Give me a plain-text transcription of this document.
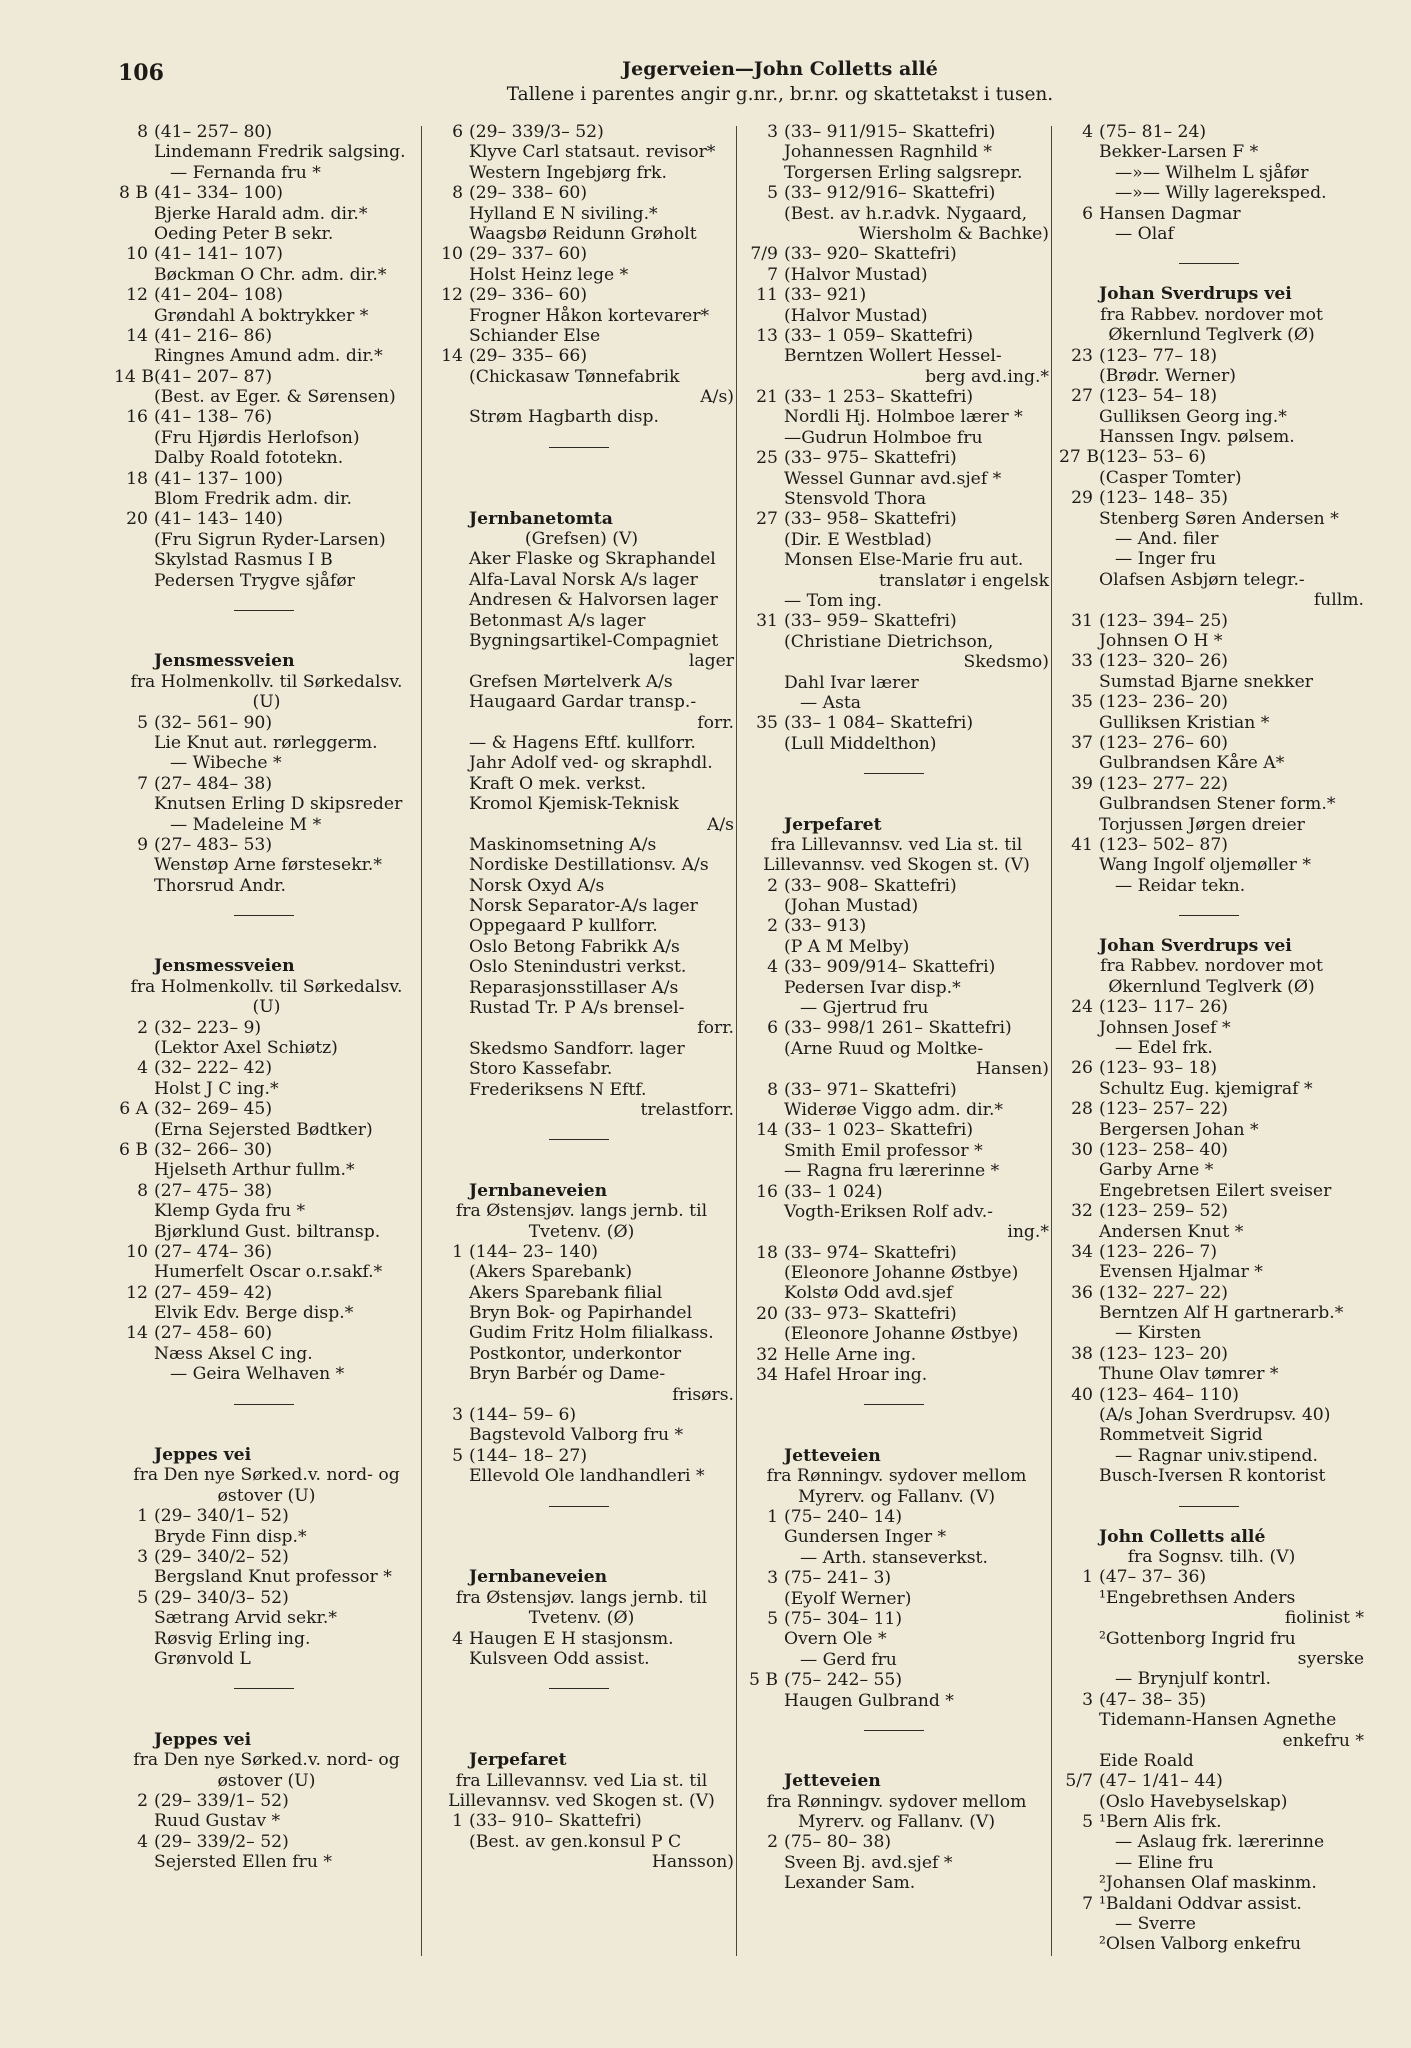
106	Jegerveien—John Colletts allé
Tallene i parentes angir g.nr., br.nr. og skattetakst i tusen.
8 (41– 257– 80)
Lindemann Fredrik salgsing.
— Fernanda fru *
8 B (41– 334– 100)
Bjerke Harald adm. dir.*
Oeding Peter B sekr.
10 (41– 141– 107)
Bøckman O Chr. adm. dir.*
12 (41– 204– 108)
Grøndahl A boktrykker *
14 (41– 216– 86)
Ringnes Amund adm. dir.*
14 B (41– 207– 87)
(Best. av Eger. & Sørensen)
16 (41– 138– 76)
(Fru Hjørdis Herlofson)
Dalby Roald fototekn.
18 (41– 137– 100)
Blom Fredrik adm. dir.
20 (41– 143– 140)
(Fru Sigrun Ryder-Larsen)
Skylstad Rasmus I B
Pedersen Trygve sjåfør
Jensmessveien
fra Holmenkollv. til Sørkedalsv.
(U)
5 (32– 561– 90)
Lie Knut aut. rørleggerm.
— Wibeche *
7 (27– 484– 38)
Knutsen Erling D skipsreder
— Madeleine M *
9 (27– 483– 53)
Wenstøp Arne førstesekr.*
Thorsrud Andr.
Jensmessveien
fra Holmenkollv. til Sørkedalsv.
(U)
2 (32– 223– 9)
(Lektor Axel Schiøtz)
4 (32– 222– 42)
Holst J C ing.*
6 A (32– 269– 45)
(Erna Sejersted Bødtker)
6 B (32– 266– 30)
Hjelseth Arthur fullm.*
8 (27– 475– 38)
Klemp Gyda fru *
Bjørklund Gust. biltransp.
10 (27– 474– 36)
Humerfelt Oscar o.r.sakf.*
12 (27– 459– 42)
Elvik Edv. Berge disp.*
14 (27– 458– 60)
Næss Aksel C ing.
— Geira Welhaven *
Jeppes vei
fra Den nye Sørked.v. nord- og
østover (U)
1 (29– 340/1– 52)
Bryde Finn disp.*
3 (29– 340/2– 52)
Bergsland Knut professor *
5 (29– 340/3– 52)
Sætrang Arvid sekr.*
Røsvig Erling ing.
Grønvold L
Jeppes vei
fra Den nye Sørked.v. nord- og
østover (U)
2 (29– 339/1– 52)
Ruud Gustav *
4 (29– 339/2– 52)
Sejersted Ellen fru *
6 (29– 339/3– 52)
Klyve Carl statsaut. revisor*
Western Ingebjørg frk.
8 (29– 338– 60)
Hylland E N siviling.*
Waagsbø Reidunn Grøholt
10 (29– 337– 60)
Holst Heinz lege *
12 (29– 336– 60)
Frogner Håkon kortevarer*
Schiander Else
14 (29– 335– 66)
(Chickasaw Tønnefabrik
A/s)
Strøm Hagbarth disp.
Jernbanetomta
(Grefsen) (V)
Aker Flaske og Skraphandel
Alfa-Laval Norsk A/s lager
Andresen & Halvorsen lager
Betonmast A/s lager
Bygningsartikel-Compagniet
lager
Grefsen Mørtelverk A/s
Haugaard Gardar transp.-
forr.
— & Hagens Eftf. kullforr.
Jahr Adolf ved- og skraphdl.
Kraft O mek. verkst.
Kromol Kjemisk-Teknisk
A/s
Maskinomsetning A/s
Nordiske Destillationsv. A/s
Norsk Oxyd A/s
Norsk Separator-A/s lager
Oppegaard P kullforr.
Oslo Betong Fabrikk A/s
Oslo Stenindustri verkst.
Reparasjonsstillaser A/s
Rustad Tr. P A/s brensel-
forr.
Skedsmo Sandforr. lager
Storo Kassefabr.
Frederiksens N Eftf.
trelastforr.
Jernbaneveien
fra Østensjøv. langs jernb. til
Tvetenv. (Ø)
1 (144– 23– 140)
(Akers Sparebank)
Akers Sparebank filial
Bryn Bok- og Papirhandel
Gudim Fritz Holm filialkass.
Postkontor, underkontor
Bryn Barbér og Dame-
frisørs.
3 (144– 59– 6)
Bagstevold Valborg fru *
5 (144– 18– 27)
Ellevold Ole landhandleri *
Jernbaneveien
fra Østensjøv. langs jernb. til
Tvetenv. (Ø)
4 Haugen E H stasjonsm.
Kulsveen Odd assist.
Jerpefaret
fra Lillevannsv. ved Lia st. til
Lillevannsv. ved Skogen st. (V)
1 (33– 910– Skattefri)
(Best. av gen.konsul P C
Hansson)
3 (33– 911/915– Skattefri)
Johannessen Ragnhild *
Torgersen Erling salgsrepr.
5 (33– 912/916– Skattefri)
(Best. av h.r.advk. Nygaard,
Wiersholm & Bachke)
7/9 (33– 920– Skattefri)
7 (Halvor Mustad)
11 (33– 921)
(Halvor Mustad)
13 (33– 1 059– Skattefri)
Berntzen Wollert Hessel-
berg avd.ing.*
21 (33– 1 253– Skattefri)
Nordli Hj. Holmboe lærer *
—Gudrun Holmboe fru
25 (33– 975– Skattefri)
Wessel Gunnar avd.sjef *
Stensvold Thora
27 (33– 958– Skattefri)
(Dir. E Westblad)
Monsen Else-Marie fru aut.
translatør i engelsk
— Tom ing.
31 (33– 959– Skattefri)
(Christiane Dietrichson,
Skedsmo)
Dahl Ivar lærer
— Asta
35 (33– 1 084– Skattefri)
(Lull Middelthon)
Jerpefaret
fra Lillevannsv. ved Lia st. til
Lillevannsv. ved Skogen st. (V)
2 (33– 908– Skattefri)
(Johan Mustad)
2 (33– 913)
(P A M Melby)
4 (33– 909/914– Skattefri)
Pedersen Ivar disp.*
— Gjertrud fru
6 (33– 998/1 261– Skattefri)
(Arne Ruud og Moltke-
Hansen)
8 (33– 971– Skattefri)
Widerøe Viggo adm. dir.*
14 (33– 1 023– Skattefri)
Smith Emil professor *
— Ragna fru lærerinne *
16 (33– 1 024)
Vogth-Eriksen Rolf adv.-
ing.*
18 (33– 974– Skattefri)
(Eleonore Johanne Østbye)
Kolstø Odd avd.sjef
20 (33– 973– Skattefri)
(Eleonore Johanne Østbye)
32 Helle Arne ing.
34 Hafel Hroar ing.
Jetteveien
fra Rønningv. sydover mellom
Myrerv. og Fallanv. (V)
1 (75– 240– 14)
Gundersen Inger *
— Arth. stanseverkst.
3 (75– 241– 3)
(Eyolf Werner)
5 (75– 304– 11)
Overn Ole *
— Gerd fru
5 B (75– 242– 55)
Haugen Gulbrand *
Jetteveien
fra Rønningv. sydover mellom
Myrerv. og Fallanv. (V)
2 (75– 80– 38)
Sveen Bj. avd.sjef *
Lexander Sam.
4 (75– 81– 24)
Bekker-Larsen F *
—»— Wilhelm L sjåfør
—»— Willy lagereksped.
6 Hansen Dagmar
— Olaf
Johan Sverdrups vei
fra Rabbev. nordover mot
Økernlund Teglverk (Ø)
23 (123– 77– 18)
(Brødr. Werner)
27 (123– 54– 18)
Gulliksen Georg ing.*
Hanssen Ingv. pølsem.
27 B (123– 53– 6)
(Casper Tomter)
29 (123– 148– 35)
Stenberg Søren Andersen *
— And. filer
— Inger fru
Olafsen Asbjørn telegr.-
fullm.
31 (123– 394– 25)
Johnsen O H *
33 (123– 320– 26)
Sumstad Bjarne snekker
35 (123– 236– 20)
Gulliksen Kristian *
37 (123– 276– 60)
Gulbrandsen Kåre A*
39 (123– 277– 22)
Gulbrandsen Stener form.*
Torjussen Jørgen dreier
41 (123– 502– 87)
Wang Ingolf oljemøller *
— Reidar tekn.
Johan Sverdrups vei
fra Rabbev. nordover mot
Økernlund Teglverk (Ø)
24 (123– 117– 26)
Johnsen Josef *
— Edel frk.
26 (123– 93– 18)
Schultz Eug. kjemigraf *
28 (123– 257– 22)
Bergersen Johan *
30 (123– 258– 40)
Garby Arne *
Engebretsen Eilert sveiser
32 (123– 259– 52)
Andersen Knut *
34 (123– 226– 7)
Evensen Hjalmar *
36 (132– 227– 22)
Berntzen Alf H gartnerarb.*
— Kirsten
38 (123– 123– 20)
Thune Olav tømrer *
40 (123– 464– 110)
(A/s Johan Sverdrupsv. 40)
Rommetveit Sigrid
— Ragnar univ.stipend.
Busch-Iversen R kontorist
John Colletts allé
fra Sognsv. tilh. (V)
1 (47– 37– 36)
¹Engebrethsen Anders
fiolinist *
²Gottenborg Ingrid fru
syerske
— Brynjulf kontrl.
3 (47– 38– 35)
Tidemann-Hansen Agnethe
enkefru *
Eide Roald
5/7 (47– 1/41– 44)
(Oslo Havebyselskap)
5 ¹Bern Alis frk.
— Aslaug frk. lærerinne
— Eline fru
²Johansen Olaf maskinm.
7 ¹Baldani Oddvar assist.
— Sverre
²Olsen Valborg enkefru
